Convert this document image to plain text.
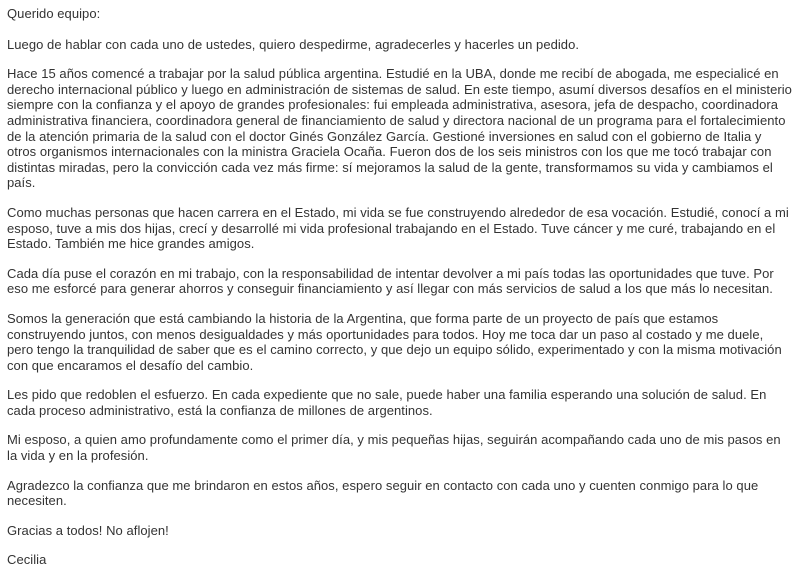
Querido equipo:

Luego de hablar con cada uno de ustedes, quiero despedirme, agradecerles y hacerles un pedido.

Hace 15 años comencé a trabajar por la salud pública argentina. Estudié en la UBA, donde me recibí de abogada, me especialicé en derecho internacional público y luego en administración de sistemas de salud. En este tiempo, asumí diversos desafíos en el ministerio siempre con la confianza y el apoyo de grandes profesionales: fui empleada administrativa, asesora, jefa de despacho, coordinadora administrativa financiera, coordinadora general de financiamiento de salud y directora nacional de un programa para el fortalecimiento de la atención primaria de la salud con el doctor Ginés González García. Gestioné inversiones en salud con el gobierno de Italia y otros organismos internacionales con la ministra Graciela Ocaña. Fueron dos de los seis ministros con los que me tocó trabajar con distintas miradas, pero la convicción cada vez más firme: sí mejoramos la salud de la gente, transformamos su vida y cambiamos el país.

Como muchas personas que hacen carrera en el Estado, mi vida se fue construyendo alrededor de esa vocación. Estudié, conocí a mi esposo, tuve a mis dos hijas, crecí y desarrollé mi vida profesional trabajando en el Estado. Tuve cáncer y me curé, trabajando en el Estado. También me hice grandes amigos.

Cada día puse el corazón en mi trabajo, con la responsabilidad de intentar devolver a mi país todas las oportunidades que tuve. Por eso me esforcé para generar ahorros y conseguir financiamiento y así llegar con más servicios de salud a los que más lo necesitan.

Somos la generación que está cambiando la historia de la Argentina, que forma parte de un proyecto de país que estamos construyendo juntos, con menos desigualdades y más oportunidades para todos. Hoy me toca dar un paso al costado y me duele, pero tengo la tranquilidad de saber que es el camino correcto, y que dejo un equipo sólido, experimentado y con la misma motivación con que encaramos el desafío del cambio.

Les pido que redoblen el esfuerzo. En cada expediente que no sale, puede haber una familia esperando una solución de salud. En cada proceso administrativo, está la confianza de millones de argentinos.

Mi esposo, a quien amo profundamente como el primer día, y mis pequeñas hijas, seguirán acompañando cada uno de mis pasos en la vida y en la profesión.

Agradezco la confianza que me brindaron en estos años, espero seguir en contacto con cada uno y cuenten conmigo para lo que necesiten.

Gracias a todos! No aflojen!

Cecilia
